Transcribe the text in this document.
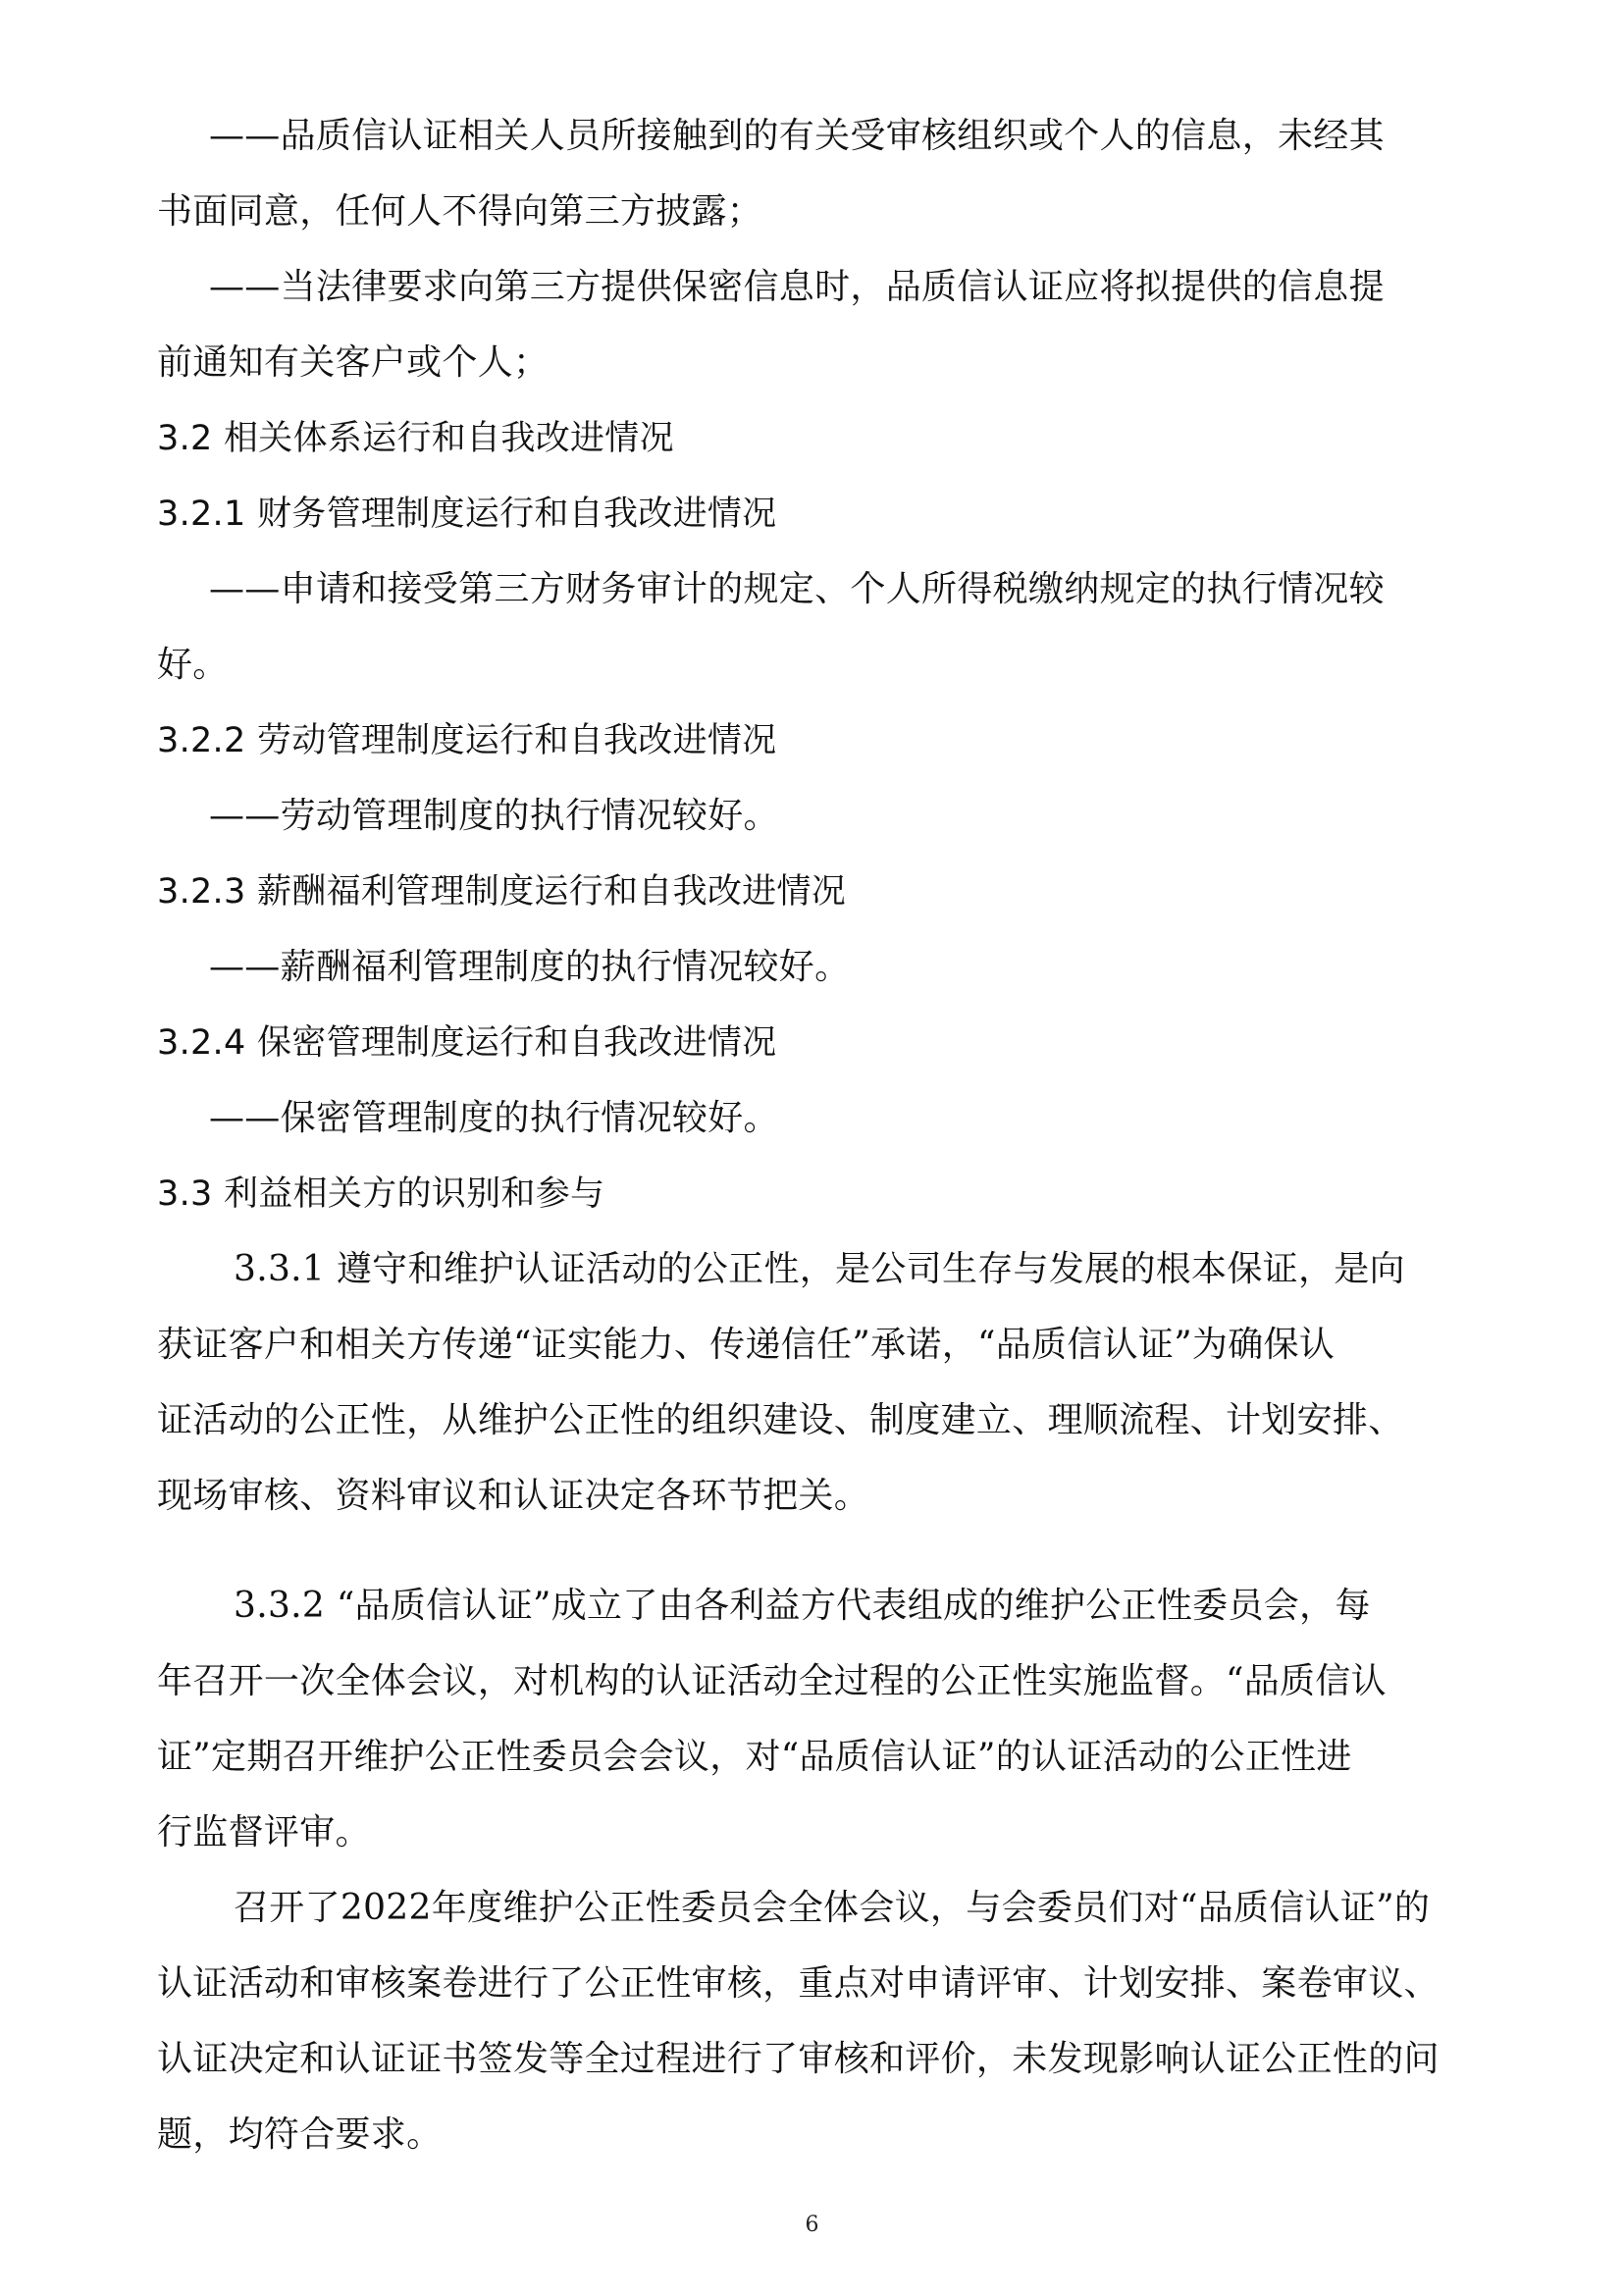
——品质信认证相关人员所接触到的有关受审核组织或个人的信息，未经其
书面同意，任何人不得向第三方披露；
——当法律要求向第三方提供保密信息时，品质信认证应将拟提供的信息提
前通知有关客户或个人；
3.2 相关体系运行和自我改进情况
3.2.1 财务管理制度运行和自我改进情况
——申请和接受第三方财务审计的规定、个人所得税缴纳规定的执行情况较
好。
3.2.2 劳动管理制度运行和自我改进情况
——劳动管理制度的执行情况较好。
3.2.3 薪酬福利管理制度运行和自我改进情况
——薪酬福利管理制度的执行情况较好。
3.2.4 保密管理制度运行和自我改进情况
——保密管理制度的执行情况较好。
3.3 利益相关方的识别和参与
3.3.1 遵守和维护认证活动的公正性，是公司生存与发展的根本保证，是向
获证客户和相关方传递“证实能力、传递信任”承诺，“品质信认证”为确保认
证活动的公正性，从维护公正性的组织建设、制度建立、理顺流程、计划安排、
现场审核、资料审议和认证决定各环节把关。
3.3.2 “品质信认证”成立了由各利益方代表组成的维护公正性委员会，每
年召开一次全体会议，对机构的认证活动全过程的公正性实施监督。“品质信认
证”定期召开维护公正性委员会会议，对“品质信认证”的认证活动的公正性进
行监督评审。
召开了2022年度维护公正性委员会全体会议，与会委员们对“品质信认证”的
认证活动和审核案卷进行了公正性审核，重点对申请评审、计划安排、案卷审议、
认证决定和认证证书签发等全过程进行了审核和评价，未发现影响认证公正性的问
题，均符合要求。
6
